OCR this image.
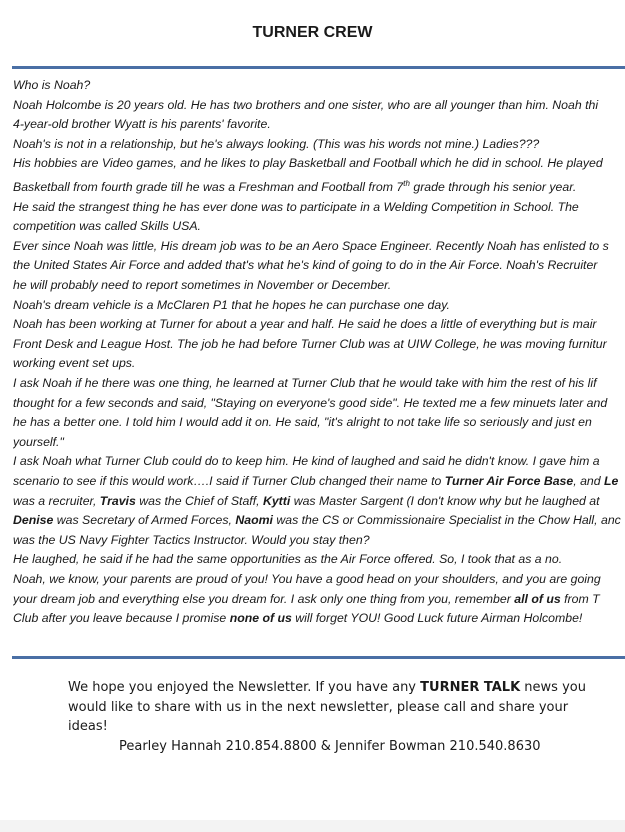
TURNER CREW
Who is Noah?
Noah Holcombe is 20 years old. He has two brothers and one sister, who are all younger than him. Noah thi
4-year-old brother Wyatt is his parents' favorite.
Noah's is not in a relationship, but he's always looking. (This was his words not mine.) Ladies???
His hobbies are Video games, and he likes to play Basketball and Football which he did in school. He played
Basketball from fourth grade till he was a Freshman and Football from 7th grade through his senior year.
He said the strangest thing he has ever done was to participate in a Welding Competition in School. The
competition was called Skills USA.
Ever since Noah was little, His dream job was to be an Aero Space Engineer. Recently Noah has enlisted to s
the United States Air Force and added that's what he's kind of going to do in the Air Force. Noah's Recruiter
he will probably need to report sometimes in November or December.
Noah's dream vehicle is a McClaren P1 that he hopes he can purchase one day.
Noah has been working at Turner for about a year and half. He said he does a little of everything but is mair
Front Desk and League Host. The job he had before Turner Club was at UIW College, he was moving furnitur
working event set ups.
I ask Noah if he there was one thing, he learned at Turner Club that he would take with him the rest of his lif
thought for a few seconds and said, "Staying on everyone's good side". He texted me a few minuets later and
he has a better one. I told him I would add it on. He said, "it's alright to not take life so seriously and just en
yourself."
I ask Noah what Turner Club could do to keep him. He kind of laughed and said he didn't know. I gave him a
scenario to see if this would work….I said if Turner Club changed their name to Turner Air Force Base, and Le
was a recruiter, Travis was the Chief of Staff, Kytti was Master Sargent (I don't know why but he laughed at
Denise was Secretary of Armed Forces, Naomi was the CS or Commissionaire Specialist in the Chow Hall, anc
was the US Navy Fighter Tactics Instructor. Would you stay then?
He laughed, he said if he had the same opportunities as the Air Force offered. So, I took that as a no.
Noah, we know, your parents are proud of you! You have a good head on your shoulders, and you are going
your dream job and everything else you dream for. I ask only one thing from you, remember all of us from T
Club after you leave because I promise none of us will forget YOU! Good Luck future Airman Holcombe!
We hope you enjoyed the Newsletter. If you have any TURNER TALK news you
would like to share with us in the next newsletter, please call and share your
ideas!
Pearley Hannah 210.854.8800 & Jennifer Bowman 210.540.8630
